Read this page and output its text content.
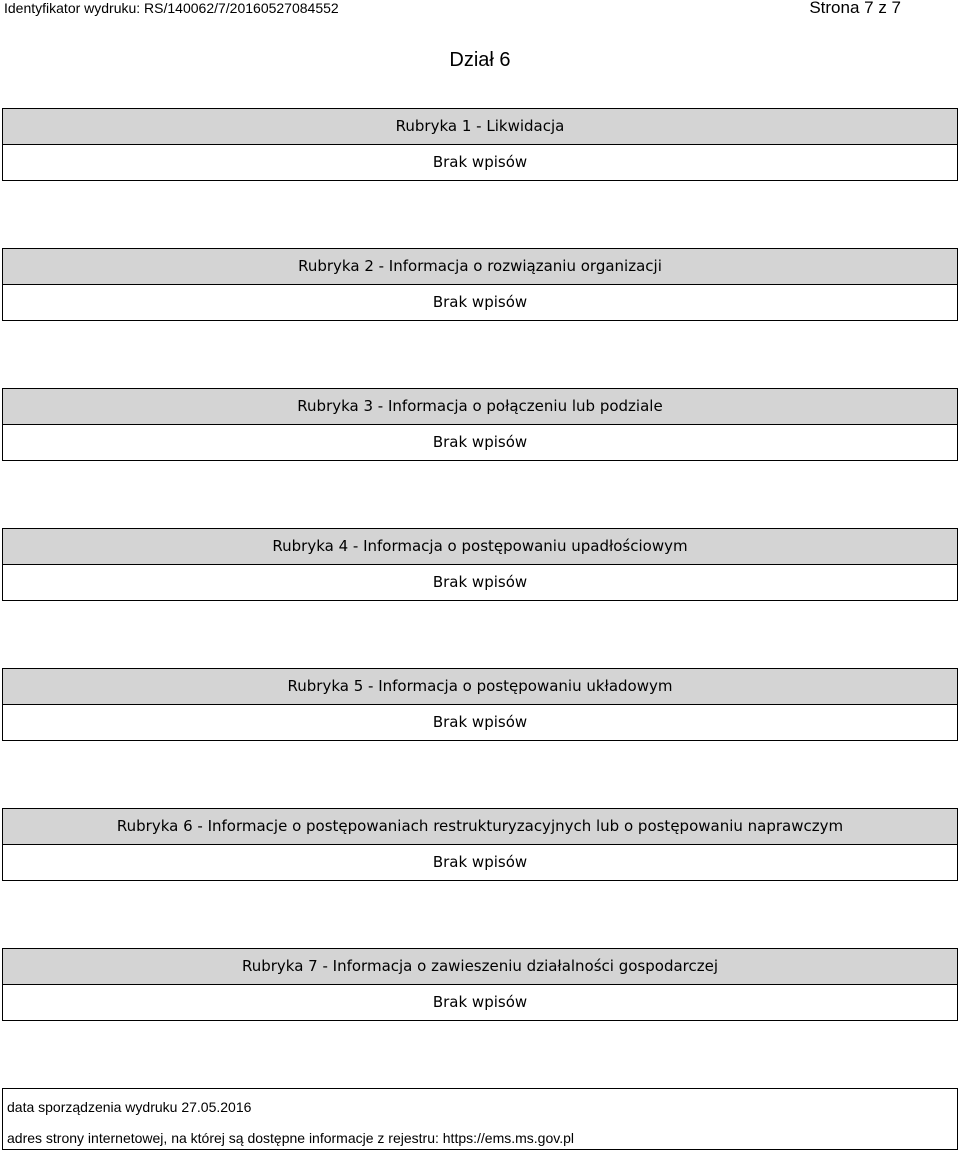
Identyfikator wydruku: RS/140062/7/20160527084552	Strona 7 z 7
Dział 6
Rubryka 1 - Likwidacja
Brak wpisów
Rubryka 2 - Informacja o rozwiązaniu organizacji
Brak wpisów
Rubryka 3 - Informacja o połączeniu lub podziale
Brak wpisów
Rubryka 4 - Informacja o postępowaniu upadłościowym
Brak wpisów
Rubryka 5 - Informacja o postępowaniu układowym
Brak wpisów
Rubryka 6 - Informacje o postępowaniach restrukturyzacyjnych lub o postępowaniu naprawczym
Brak wpisów
Rubryka 7 - Informacja o zawieszeniu działalności gospodarczej
Brak wpisów
data sporządzenia wydruku 27.05.2016
adres strony internetowej, na której są dostępne informacje z rejestru: https://ems.ms.gov.pl
